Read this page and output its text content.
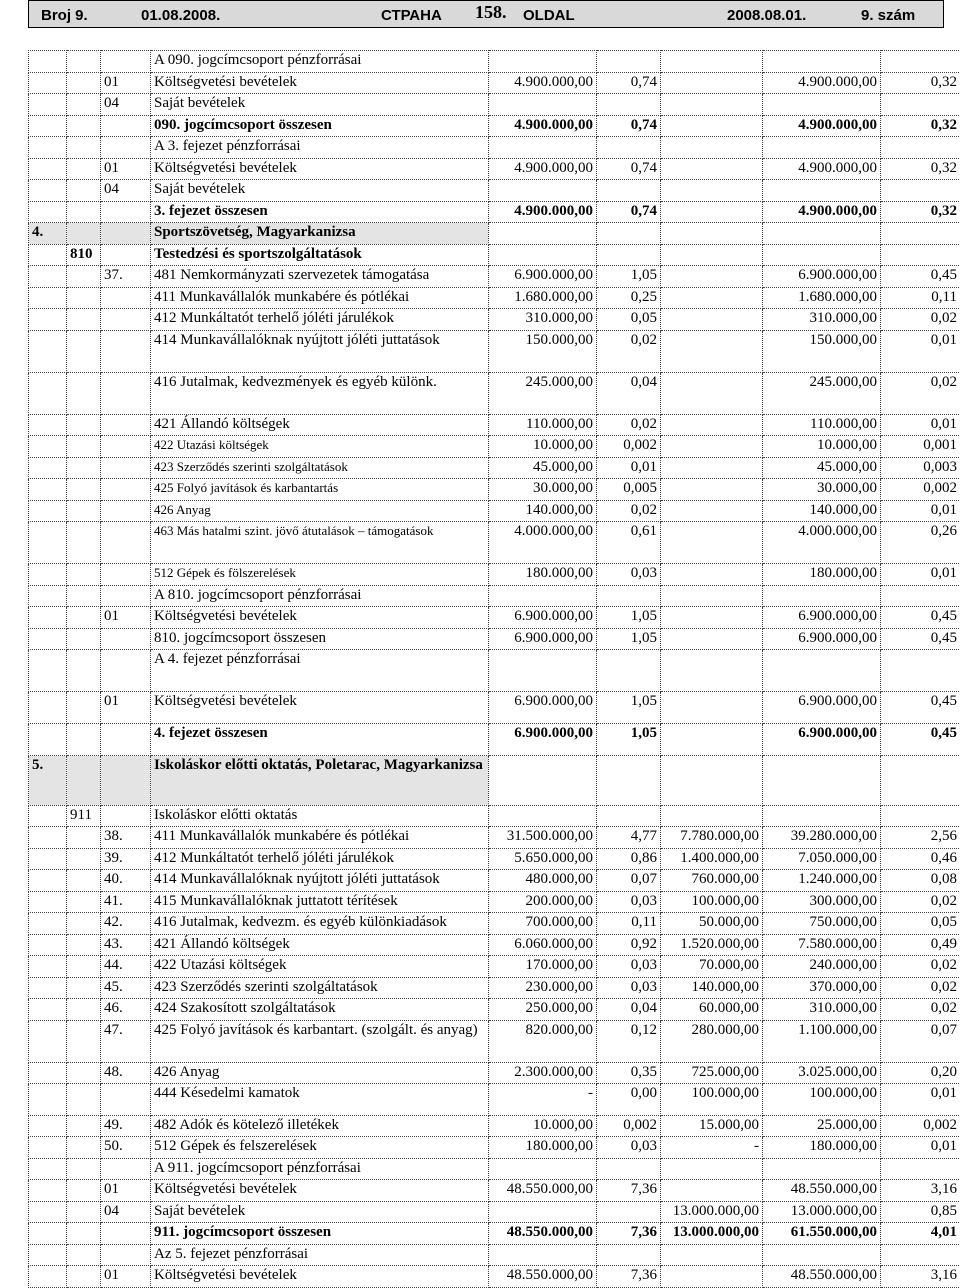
Broj 9.	01.08.2008.	СТРАНА 158. OLDAL	2008.08.01.	9. szám
			A 090. jogcímcsoport pénzforrásai					
		01	Költségvetési bevételek	4.900.000,00	0,74		4.900.000,00	0,32
		04	Saját bevételek					
			090. jogcímcsoport összesen	4.900.000,00	0,74		4.900.000,00	0,32
			A 3. fejezet pénzforrásai					
		01	Költségvetési bevételek	4.900.000,00	0,74		4.900.000,00	0,32
		04	Saját bevételek					
			3. fejezet összesen	4.900.000,00	0,74		4.900.000,00	0,32
4.			Sportszövetség, Magyarkanizsa					
	810		Testedzési és sportszolgáltatások					
		37.	481 Nemkormányzati szervezetek támogatása	6.900.000,00	1,05		6.900.000,00	0,45
			411 Munkavállalók munkabére és pótlékai	1.680.000,00	0,25		1.680.000,00	0,11
			412 Munkáltatót terhelő jóléti járulékok	310.000,00	0,05		310.000,00	0,02
			414 Munkavállalóknak nyújtott jóléti juttatások	150.000,00	0,02		150.000,00	0,01
			416 Jutalmak, kedvezmények és egyéb különk.	245.000,00	0,04		245.000,00	0,02
			421 Állandó költségek	110.000,00	0,02		110.000,00	0,01
			422 Utazási költségek	10.000,00	0,002		10.000,00	0,001
			423 Szerződés szerinti szolgáltatások	45.000,00	0,01		45.000,00	0,003
			425 Folyó javítások és karbantartás	30.000,00	0,005		30.000,00	0,002
			426 Anyag	140.000,00	0,02		140.000,00	0,01
			463 Más hatalmi szint. jövő átutalások – támogatások	4.000.000,00	0,61		4.000.000,00	0,26
			512 Gépek és fölszerelések	180.000,00	0,03		180.000,00	0,01
			A 810. jogcímcsoport pénzforrásai					
		01	Költségvetési bevételek	6.900.000,00	1,05		6.900.000,00	0,45
			810. jogcímcsoport összesen	6.900.000,00	1,05		6.900.000,00	0,45
			A 4. fejezet pénzforrásai					
		01	Költségvetési bevételek	6.900.000,00	1,05		6.900.000,00	0,45
			4. fejezet összesen	6.900.000,00	1,05		6.900.000,00	0,45
5.			Iskoláskor előtti oktatás, Poletarac, Magyarkanizsa					
	911		Iskoláskor előtti oktatás					
		38.	411 Munkavállalók munkabére és pótlékai	31.500.000,00	4,77	7.780.000,00	39.280.000,00	2,56
		39.	412 Munkáltatót terhelő jóléti járulékok	5.650.000,00	0,86	1.400.000,00	7.050.000,00	0,46
		40.	414 Munkavállalóknak nyújtott jóléti juttatások	480.000,00	0,07	760.000,00	1.240.000,00	0,08
		41.	415 Munkavállalóknak juttatott térítések	200.000,00	0,03	100.000,00	300.000,00	0,02
		42.	416 Jutalmak, kedvezm. és egyéb különkiadások	700.000,00	0,11	50.000,00	750.000,00	0,05
		43.	421 Állandó költségek	6.060.000,00	0,92	1.520.000,00	7.580.000,00	0,49
		44.	422 Utazási költségek	170.000,00	0,03	70.000,00	240.000,00	0,02
		45.	423 Szerződés szerinti szolgáltatások	230.000,00	0,03	140.000,00	370.000,00	0,02
		46.	424 Szakosított szolgáltatások	250.000,00	0,04	60.000,00	310.000,00	0,02
		47.	425 Folyó javítások és karbantart. (szolgált. és anyag)	820.000,00	0,12	280.000,00	1.100.000,00	0,07
		48.	426 Anyag	2.300.000,00	0,35	725.000,00	3.025.000,00	0,20
			444 Késedelmi kamatok	-	0,00	100.000,00	100.000,00	0,01
		49.	482 Adók és kötelező illetékek	10.000,00	0,002	15.000,00	25.000,00	0,002
		50.	512 Gépek és felszerelések	180.000,00	0,03	-	180.000,00	0,01
			A 911. jogcímcsoport pénzforrásai					
		01	Költségvetési bevételek	48.550.000,00	7,36		48.550.000,00	3,16
		04	Saját bevételek			13.000.000,00	13.000.000,00	0,85
			911. jogcímcsoport összesen	48.550.000,00	7,36	13.000.000,00	61.550.000,00	4,01
			Az 5. fejezet pénzforrásai					
		01	Költségvetési bevételek	48.550.000,00	7,36		48.550.000,00	3,16
